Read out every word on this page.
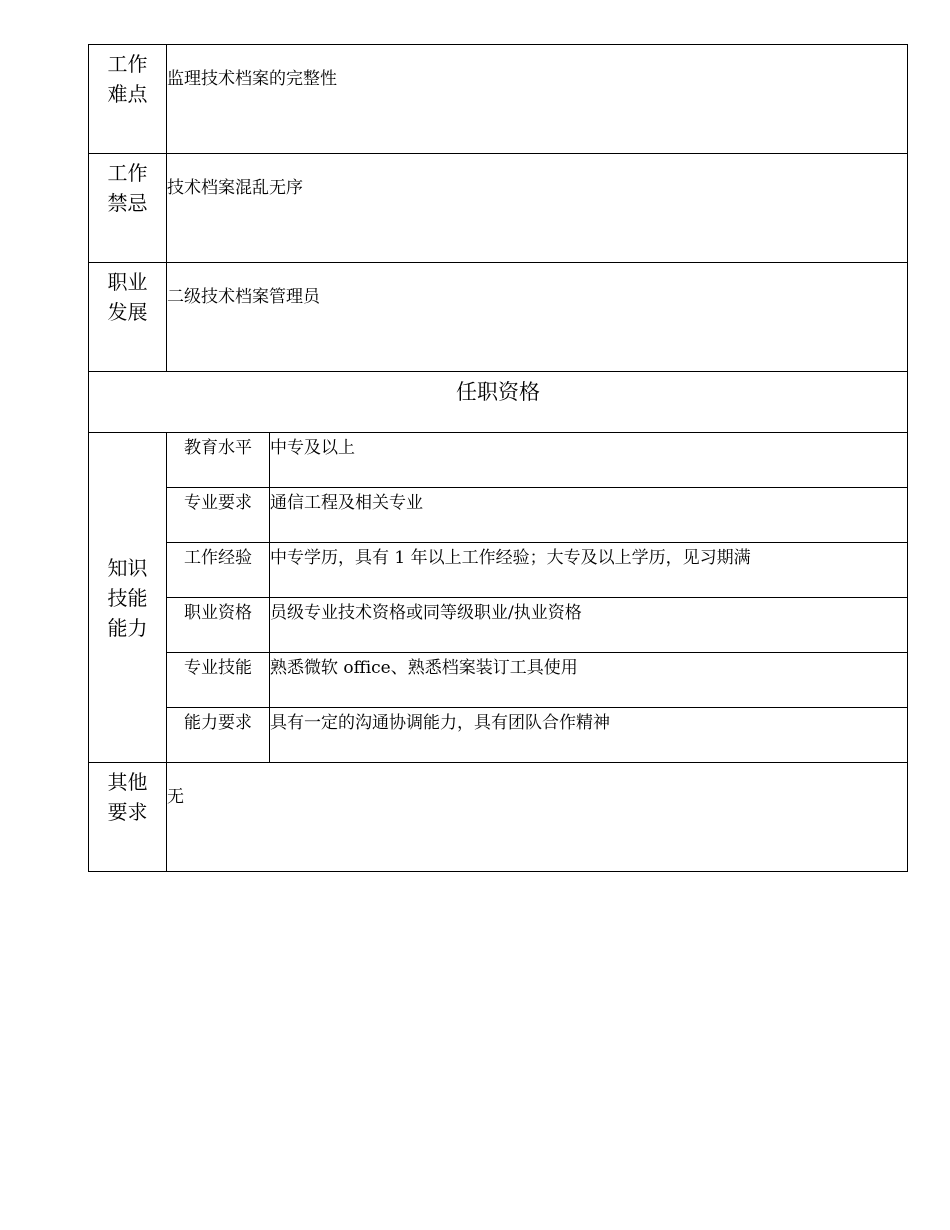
工作
难点	监理技术档案的完整性	

工作
禁忌	技术档案混乱无序	

职业
发展	二级技术档案管理员	
任职资格		

知识
技能
能力	教育水平	中专及以上
	专业要求	通信工程及相关专业
	工作经验	中专学历，具有 1 年以上工作经验；大专及以上学历，见习期满
	职业资格	员级专业技术资格或同等级职业/执业资格
	专业技能	熟悉微软 office、熟悉档案装订工具使用
	能力要求	具有一定的沟通协调能力，具有团队合作精神

其他
要求	无	
